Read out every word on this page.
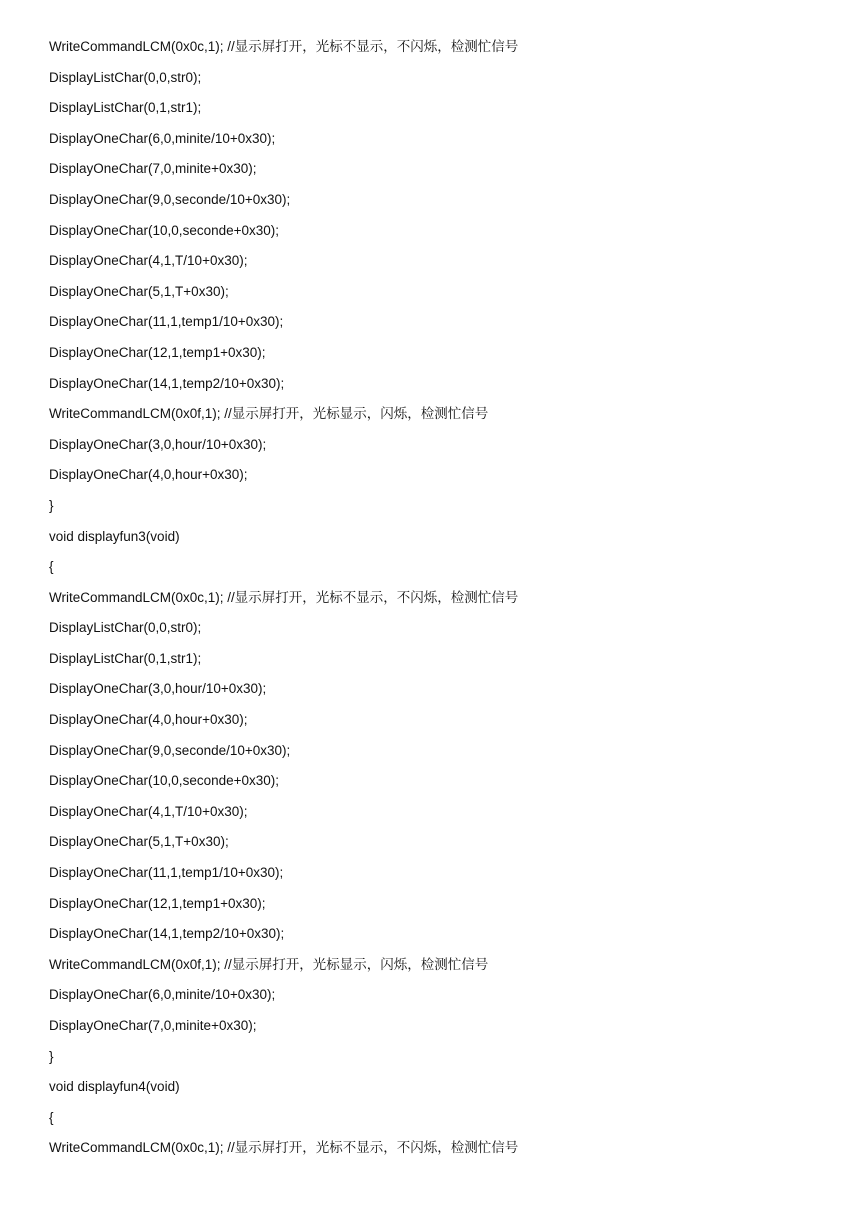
WriteCommandLCM(0x0c,1); //显示屏打开，光标不显示，不闪烁，检测忙信号
DisplayListChar(0,0,str0);
DisplayListChar(0,1,str1);
DisplayOneChar(6,0,minite/10+0x30);
DisplayOneChar(7,0,minite+0x30);
DisplayOneChar(9,0,seconde/10+0x30);
DisplayOneChar(10,0,seconde+0x30);
DisplayOneChar(4,1,T/10+0x30);
DisplayOneChar(5,1,T+0x30);
DisplayOneChar(11,1,temp1/10+0x30);
DisplayOneChar(12,1,temp1+0x30);
DisplayOneChar(14,1,temp2/10+0x30);
WriteCommandLCM(0x0f,1); //显示屏打开，光标显示，闪烁，检测忙信号
DisplayOneChar(3,0,hour/10+0x30);
DisplayOneChar(4,0,hour+0x30);
}
void displayfun3(void)
{
WriteCommandLCM(0x0c,1); //显示屏打开，光标不显示，不闪烁，检测忙信号
DisplayListChar(0,0,str0);
DisplayListChar(0,1,str1);
DisplayOneChar(3,0,hour/10+0x30);
DisplayOneChar(4,0,hour+0x30);
DisplayOneChar(9,0,seconde/10+0x30);
DisplayOneChar(10,0,seconde+0x30);
DisplayOneChar(4,1,T/10+0x30);
DisplayOneChar(5,1,T+0x30);
DisplayOneChar(11,1,temp1/10+0x30);
DisplayOneChar(12,1,temp1+0x30);
DisplayOneChar(14,1,temp2/10+0x30);
WriteCommandLCM(0x0f,1); //显示屏打开，光标显示，闪烁，检测忙信号
DisplayOneChar(6,0,minite/10+0x30);
DisplayOneChar(7,0,minite+0x30);
}
void displayfun4(void)
{
WriteCommandLCM(0x0c,1); //显示屏打开，光标不显示，不闪烁，检测忙信号
